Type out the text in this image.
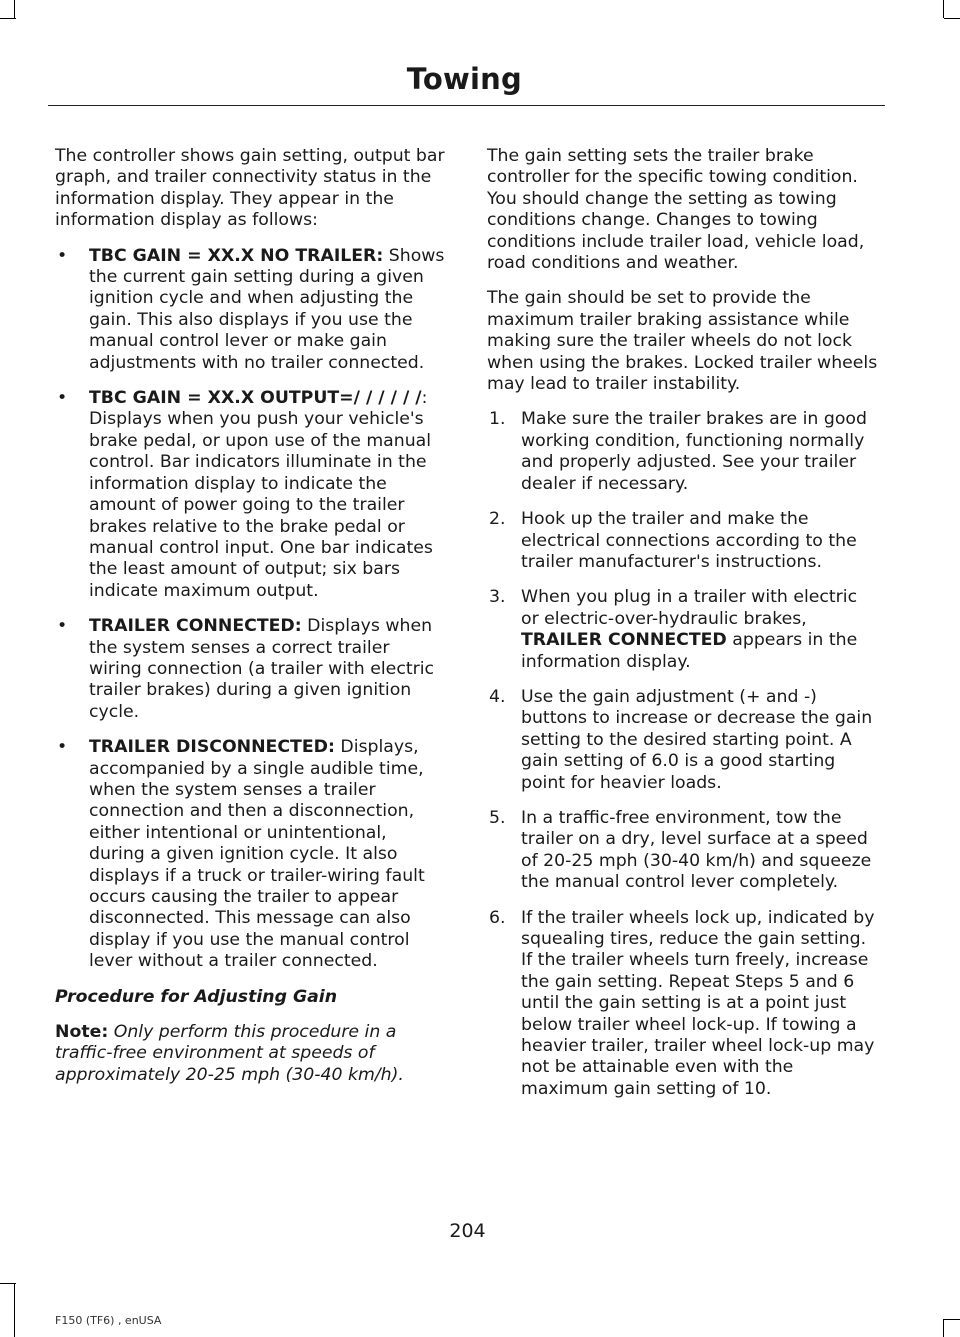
Towing

The controller shows gain setting, output bar graph, and trailer connectivity status in the information display. They appear in the information display as follows:

• TBC GAIN = XX.X NO TRAILER: Shows the current gain setting during a given ignition cycle and when adjusting the gain. This also displays if you use the manual control lever or make gain adjustments with no trailer connected.
• TBC GAIN = XX.X OUTPUT=/ / / / / /: Displays when you push your vehicle's brake pedal, or upon use of the manual control. Bar indicators illuminate in the information display to indicate the amount of power going to the trailer brakes relative to the brake pedal or manual control input. One bar indicates the least amount of output; six bars indicate maximum output.
• TRAILER CONNECTED: Displays when the system senses a correct trailer wiring connection (a trailer with electric trailer brakes) during a given ignition cycle.
• TRAILER DISCONNECTED: Displays, accompanied by a single audible time, when the system senses a trailer connection and then a disconnection, either intentional or unintentional, during a given ignition cycle. It also displays if a truck or trailer-wiring fault occurs causing the trailer to appear disconnected. This message can also display if you use the manual control lever without a trailer connected.

Procedure for Adjusting Gain

Note: Only perform this procedure in a traffic-free environment at speeds of approximately 20-25 mph (30-40 km/h).

The gain setting sets the trailer brake controller for the specific towing condition. You should change the setting as towing conditions change. Changes to towing conditions include trailer load, vehicle load, road conditions and weather.

The gain should be set to provide the maximum trailer braking assistance while making sure the trailer wheels do not lock when using the brakes. Locked trailer wheels may lead to trailer instability.

1. Make sure the trailer brakes are in good working condition, functioning normally and properly adjusted. See your trailer dealer if necessary.
2. Hook up the trailer and make the electrical connections according to the trailer manufacturer's instructions.
3. When you plug in a trailer with electric or electric-over-hydraulic brakes, TRAILER CONNECTED appears in the information display.
4. Use the gain adjustment (+ and -) buttons to increase or decrease the gain setting to the desired starting point. A gain setting of 6.0 is a good starting point for heavier loads.
5. In a traffic-free environment, tow the trailer on a dry, level surface at a speed of 20-25 mph (30-40 km/h) and squeeze the manual control lever completely.
6. If the trailer wheels lock up, indicated by squealing tires, reduce the gain setting. If the trailer wheels turn freely, increase the gain setting. Repeat Steps 5 and 6 until the gain setting is at a point just below trailer wheel lock-up. If towing a heavier trailer, trailer wheel lock-up may not be attainable even with the maximum gain setting of 10.
204
F150 (TF6) , enUSA
